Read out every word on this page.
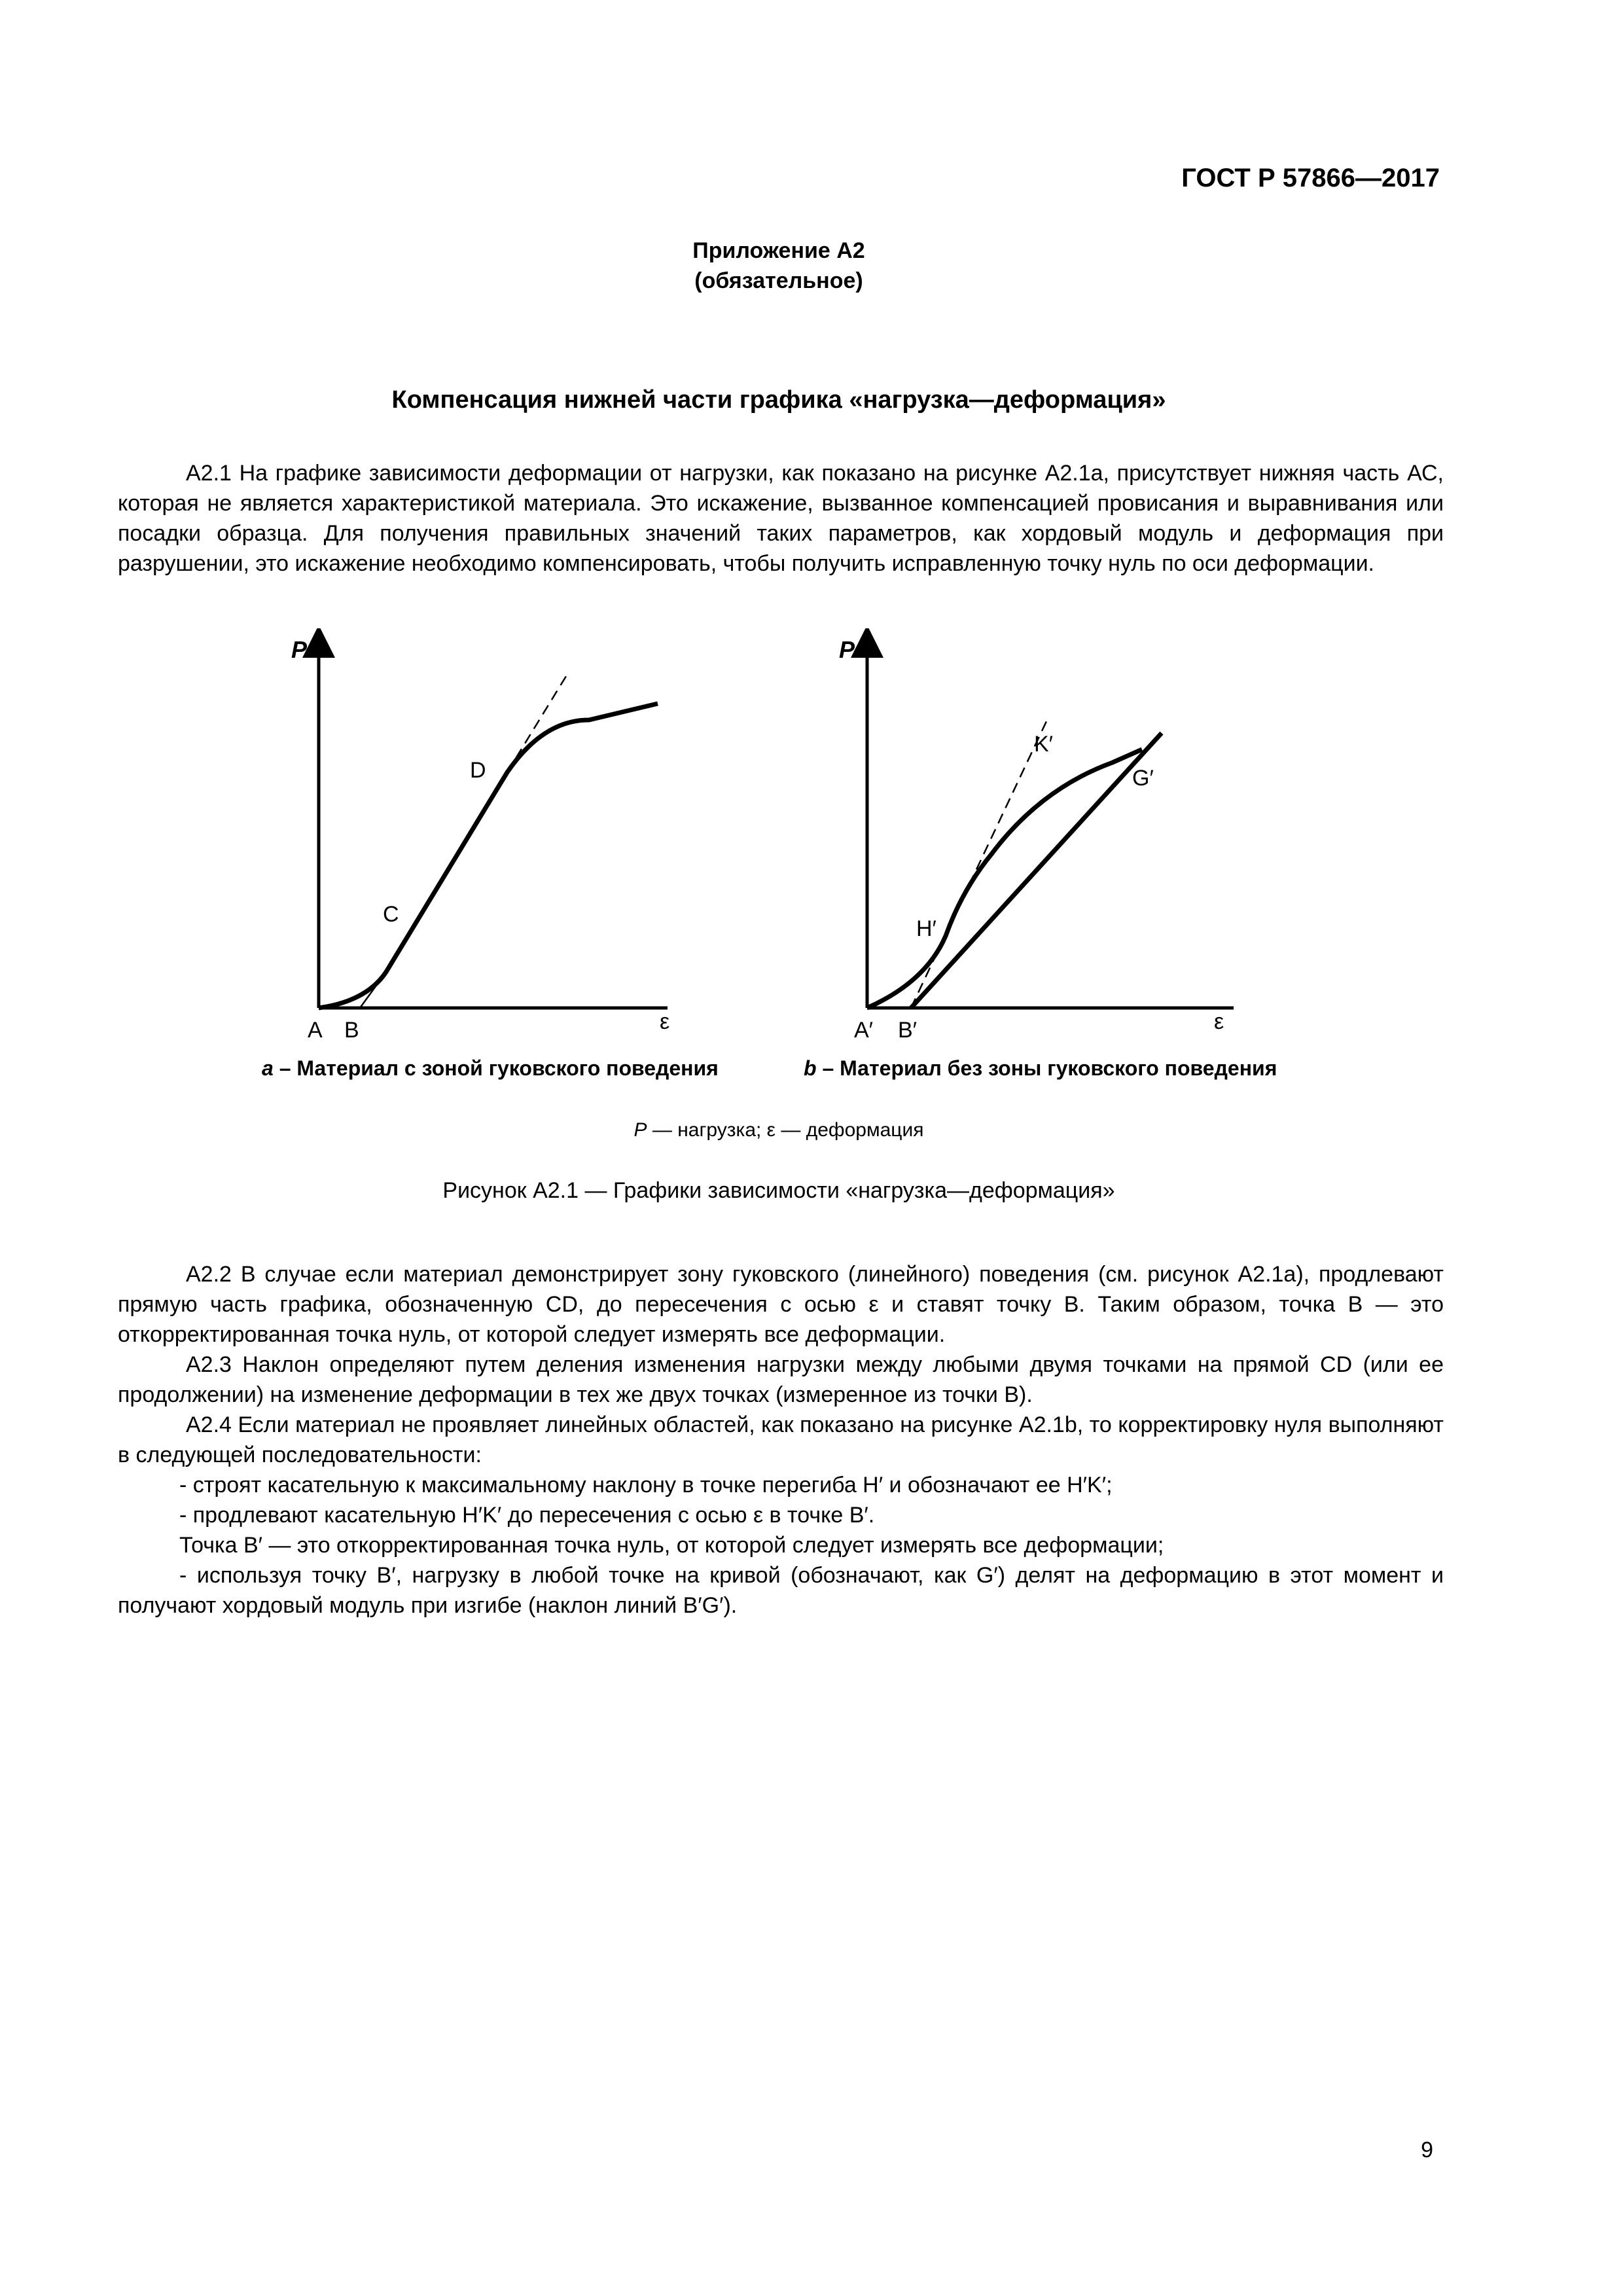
ГОСТ Р 57866—2017
Приложение А2
(обязательное)
Компенсация нижней части графика «нагрузка—деформация»
А2.1 На графике зависимости деформации от нагрузки, как показано на рисунке А2.1а, присутствует нижняя часть АС, которая не является характеристикой материала. Это искажение, вызванное компенсацией провисания и выравнивания или посадки образца. Для получения правильных значений таких параметров, как хордовый модуль и деформация при разрушении, это искажение необходимо компенсировать, чтобы получить исправленную точку нуль по оси деформации.
P
ε
A B
C
D
P
ε
A′ B′
H′
K′
G′
a – Материал с зоной гуковского поведения	b – Материал без зоны гуковского поведения
P — нагрузка; ε — деформация
Рисунок А2.1 — Графики зависимости «нагрузка—деформация»
А2.2 В случае если материал демонстрирует зону гуковского (линейного) поведения (см. рисунок А2.1а), продлевают прямую часть графика, обозначенную CD, до пересечения с осью ε и ставят точку B. Таким образом, точка B — это откорректированная точка нуль, от которой следует измерять все деформации.
А2.3 Наклон определяют путем деления изменения нагрузки между любыми двумя точками на прямой CD (или ее продолжении) на изменение деформации в тех же двух точках (измеренное из точки B).
А2.4 Если материал не проявляет линейных областей, как показано на рисунке А2.1b, то корректировку нуля выполняют в следующей последовательности:
- строят касательную к максимальному наклону в точке перегиба H′ и обозначают ее H′K′;
- продлевают касательную H′K′ до пересечения с осью ε в точке B′.
Точка B′ — это откорректированная точка нуль, от которой следует измерять все деформации;
- используя точку B′, нагрузку в любой точке на кривой (обозначают, как G′) делят на деформацию в этот момент и получают хордовый модуль при изгибе (наклон линий B′G′).
9
